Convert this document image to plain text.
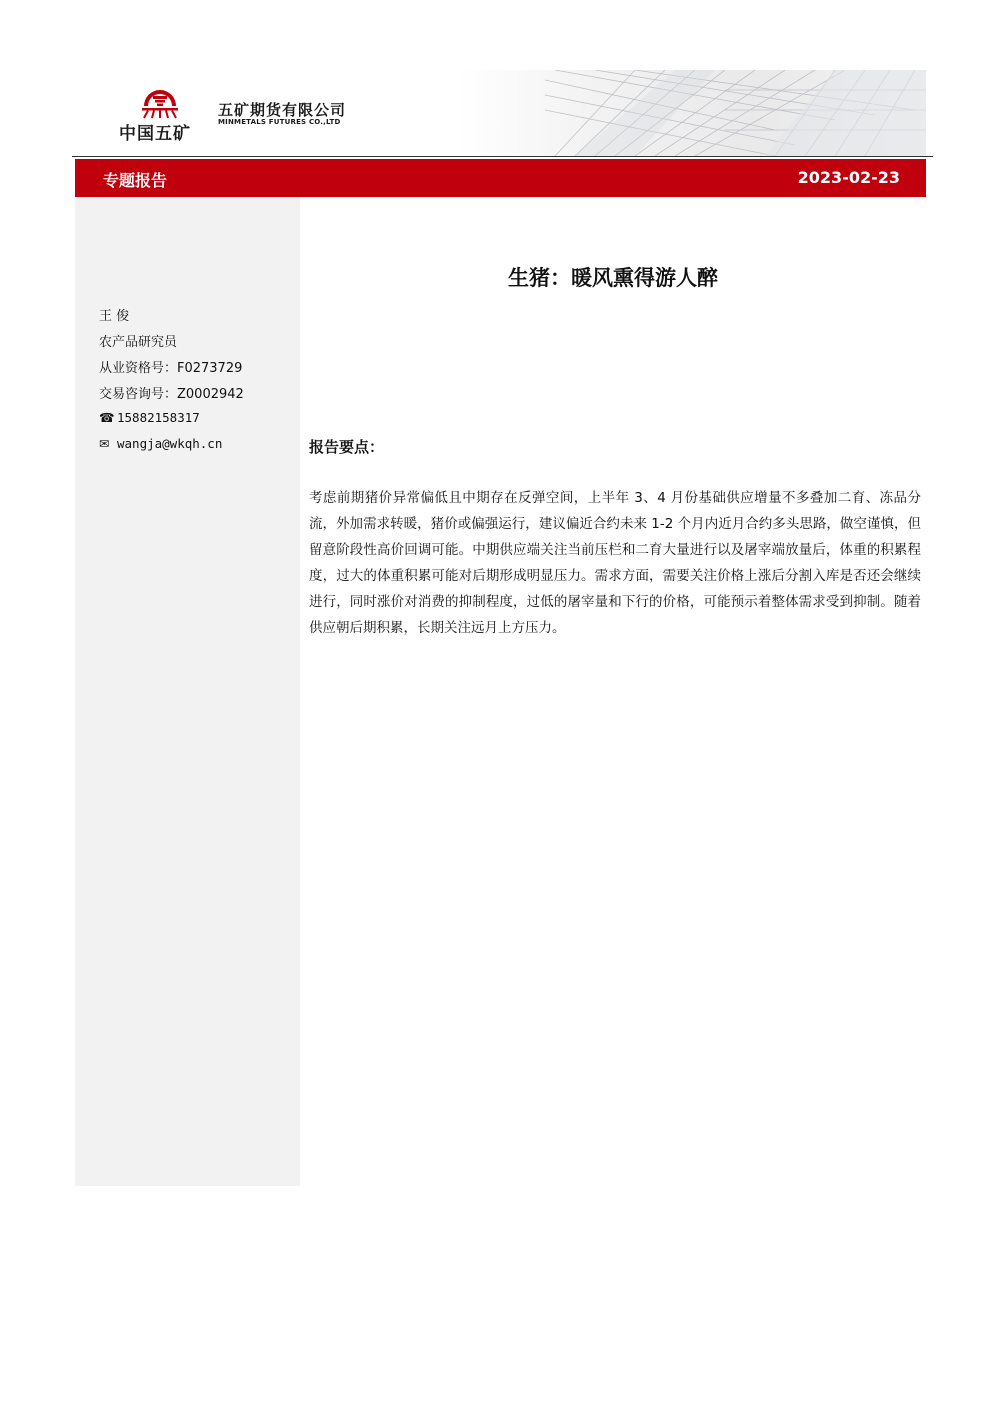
中国五矿
五矿期货有限公司
MINMETALS FUTURES CO.,LTD
专题报告	2023-02-23
王 俊
农产品研究员
从业资格号：F0273729
交易咨询号：Z0002942
☎ 15882158317
✉ wangja@wkqh.cn
生猪：暖风熏得游人醉
报告要点：
考虑前期猪价异常偏低且中期存在反弹空间，上半年 3、4 月份基础供应增量不多叠加二育、冻品分流，外加需求转暖，猪价或偏强运行，建议偏近合约未来 1-2 个月内近月合约多头思路，做空谨慎，但留意阶段性高价回调可能。中期供应端关注当前压栏和二育大量进行以及屠宰端放量后，体重的积累程度，过大的体重积累可能对后期形成明显压力。需求方面，需要关注价格上涨后分割入库是否还会继续进行，同时涨价对消费的抑制程度，过低的屠宰量和下行的价格，可能预示着整体需求受到抑制。随着供应朝后期积累，长期关注远月上方压力。
